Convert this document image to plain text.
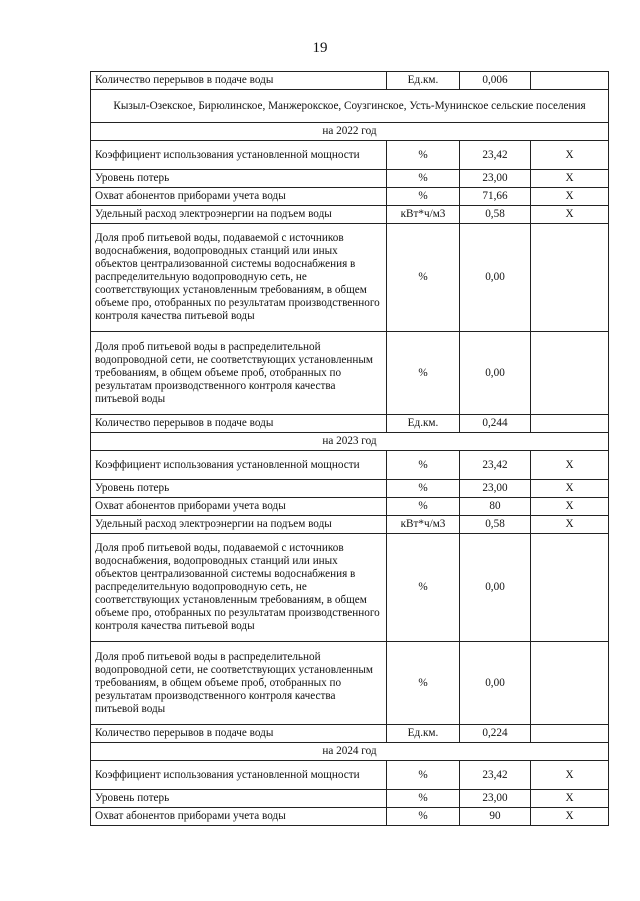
19
Количество перерывов в подаче воды	Ед.км.	0,006	
Кызыл-Озекское, Бирюлинское, Манжерокское, Соузгинское, Усть-Мунинское сельские поселения			
на 2022 год			
Коэффициент использования установленной мощности	%	23,42	X
Уровень потерь	%	23,00	X
Охват абонентов приборами учета воды	%	71,66	X
Удельный расход электроэнергии на подъем воды	кВт*ч/м3	0,58	X
Доля проб питьевой воды, подаваемой с источников водоснабжения, водопроводных станций или иных объектов централизованной системы водоснабжения в распределительную водопроводную сеть, не соответствующих установленным требованиям, в общем объеме про, отобранных по результатам производственного контроля качества питьевой воды	%	0,00	
Доля проб питьевой воды в распределительной водопроводной сети, не соответствующих установленным требованиям, в общем объеме проб, отобранных по результатам производственного контроля качества питьевой воды	%	0,00	
Количество перерывов в подаче воды	Ед.км.	0,244	
на 2023 год			
Коэффициент использования установленной мощности	%	23,42	X
Уровень потерь	%	23,00	X
Охват абонентов приборами учета воды	%	80	X
Удельный расход электроэнергии на подъем воды	кВт*ч/м3	0,58	X
Доля проб питьевой воды, подаваемой с источников водоснабжения, водопроводных станций или иных объектов централизованной системы водоснабжения в распределительную водопроводную сеть, не соответствующих установленным требованиям, в общем объеме про, отобранных по результатам производственного контроля качества питьевой воды	%	0,00	
Доля проб питьевой воды в распределительной водопроводной сети, не соответствующих установленным требованиям, в общем объеме проб, отобранных по результатам производственного контроля качества питьевой воды	%	0,00	
Количество перерывов в подаче воды	Ед.км.	0,224	
на 2024 год			
Коэффициент использования установленной мощности	%	23,42	X
Уровень потерь	%	23,00	X
Охват абонентов приборами учета воды	%	90	X
